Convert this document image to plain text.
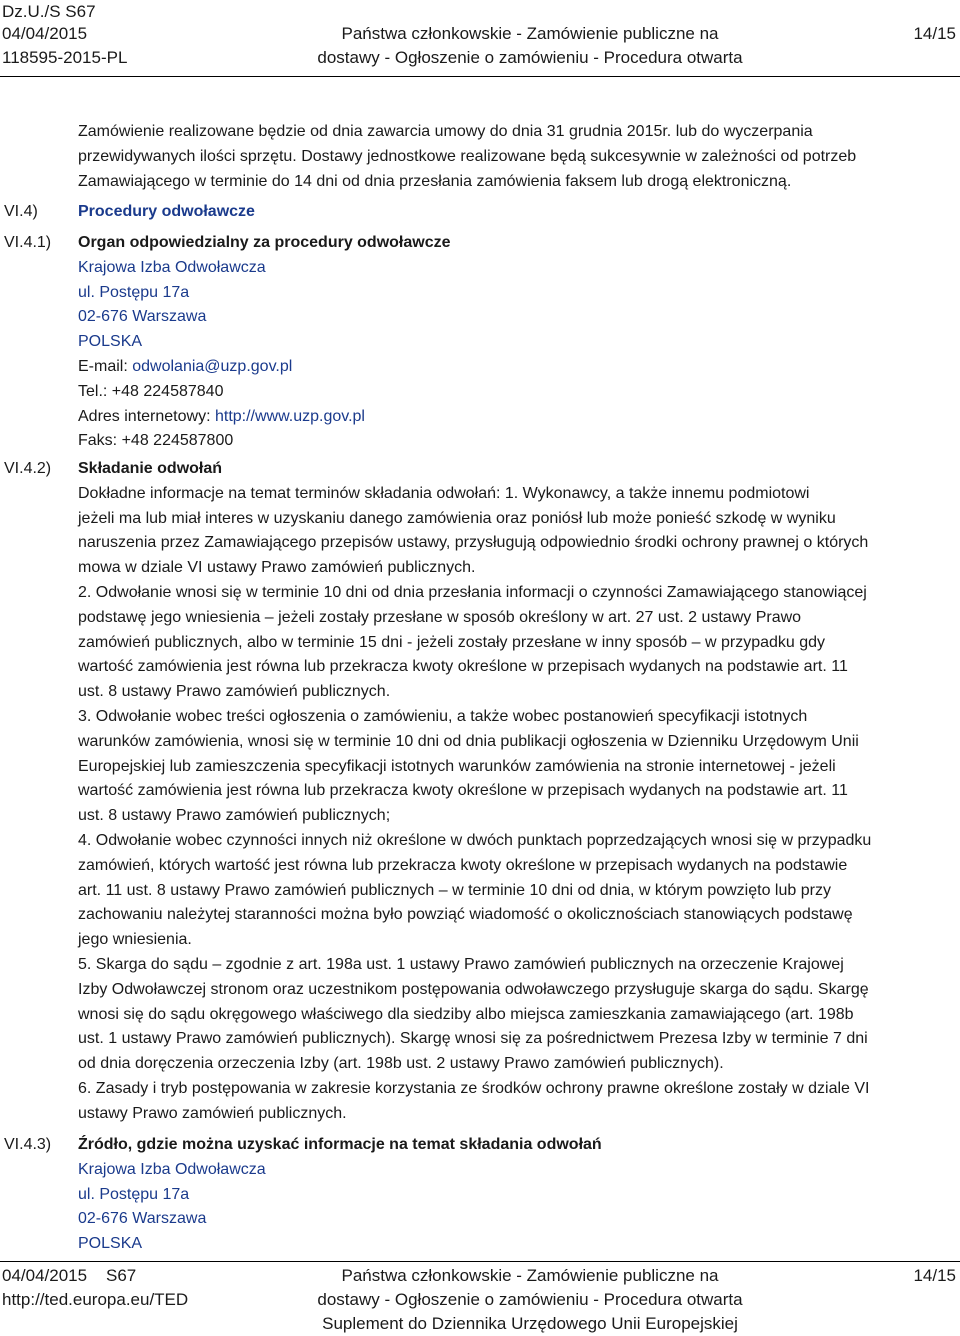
Dz.U./S S67
04/04/2015
118595-2015-PL
Państwa członkowskie - Zamówienie publiczne na
dostawy - Ogłoszenie o zamówieniu - Procedura otwarta
14/15
VI.4)
VI.4.1)
VI.4.2)
VI.4.3)
Zamówienie realizowane będzie od dnia zawarcia umowy do dnia 31 grudnia 2015r. lub do wyczerpania
przewidywanych ilości sprzętu. Dostawy jednostkowe realizowane będą sukcesywnie w zależności od potrzeb
Zamawiającego w terminie do 14 dni od dnia przesłania zamówienia faksem lub drogą elektroniczną.
Procedury odwoławcze
Organ odpowiedzialny za procedury odwoławcze
Krajowa Izba Odwoławcza
ul. Postępu 17a
02-676 Warszawa
POLSKA
E-mail: odwolania@uzp.gov.pl
Tel.: +48 224587840
Adres internetowy: http://www.uzp.gov.pl
Faks: +48 224587800
Składanie odwołań
Dokładne informacje na temat terminów składania odwołań: 1. Wykonawcy, a także innemu podmiotowi
jeżeli ma lub miał interes w uzyskaniu danego zamówienia oraz poniósł lub może ponieść szkodę w wyniku
naruszenia przez Zamawiającego przepisów ustawy, przysługują odpowiednio środki ochrony prawnej o których
mowa w dziale VI ustawy Prawo zamówień publicznych.
2. Odwołanie wnosi się w terminie 10 dni od dnia przesłania informacji o czynności Zamawiającego stanowiącej
podstawę jego wniesienia – jeżeli zostały przesłane w sposób określony w art. 27 ust. 2 ustawy Prawo
zamówień publicznych, albo w terminie 15 dni - jeżeli zostały przesłane w inny sposób – w przypadku gdy
wartość zamówienia jest równa lub przekracza kwoty określone w przepisach wydanych na podstawie art. 11
ust. 8 ustawy Prawo zamówień publicznych.
3. Odwołanie wobec treści ogłoszenia o zamówieniu, a także wobec postanowień specyfikacji istotnych
warunków zamówienia, wnosi się w terminie 10 dni od dnia publikacji ogłoszenia w Dzienniku Urzędowym Unii
Europejskiej lub zamieszczenia specyfikacji istotnych warunków zamówienia na stronie internetowej - jeżeli
wartość zamówienia jest równa lub przekracza kwoty określone w przepisach wydanych na podstawie art. 11
ust. 8 ustawy Prawo zamówień publicznych;
4. Odwołanie wobec czynności innych niż określone w dwóch punktach poprzedzających wnosi się w przypadku
zamówień, których wartość jest równa lub przekracza kwoty określone w przepisach wydanych na podstawie
art. 11 ust. 8 ustawy Prawo zamówień publicznych – w terminie 10 dni od dnia, w którym powzięto lub przy
zachowaniu należytej staranności można było powziąć wiadomość o okolicznościach stanowiących podstawę
jego wniesienia.
5. Skarga do sądu – zgodnie z art. 198a ust. 1 ustawy Prawo zamówień publicznych na orzeczenie Krajowej
Izby Odwoławczej stronom oraz uczestnikom postępowania odwoławczego przysługuje skarga do sądu. Skargę
wnosi się do sądu okręgowego właściwego dla siedziby albo miejsca zamieszkania zamawiającego (art. 198b
ust. 1 ustawy Prawo zamówień publicznych). Skargę wnosi się za pośrednictwem Prezesa Izby w terminie 7 dni
od dnia doręczenia orzeczenia Izby (art. 198b ust. 2 ustawy Prawo zamówień publicznych).
6. Zasady i tryb postępowania w zakresie korzystania ze środków ochrony prawne określone zostały w dziale VI
ustawy Prawo zamówień publicznych.
Źródło, gdzie można uzyskać informacje na temat składania odwołań
Krajowa Izba Odwoławcza
ul. Postępu 17a
02-676 Warszawa
POLSKA
04/04/2015 S67
http://ted.europa.eu/TED
Państwa członkowskie - Zamówienie publiczne na
dostawy - Ogłoszenie o zamówieniu - Procedura otwarta
Suplement do Dziennika Urzędowego Unii Europejskiej
14/15
